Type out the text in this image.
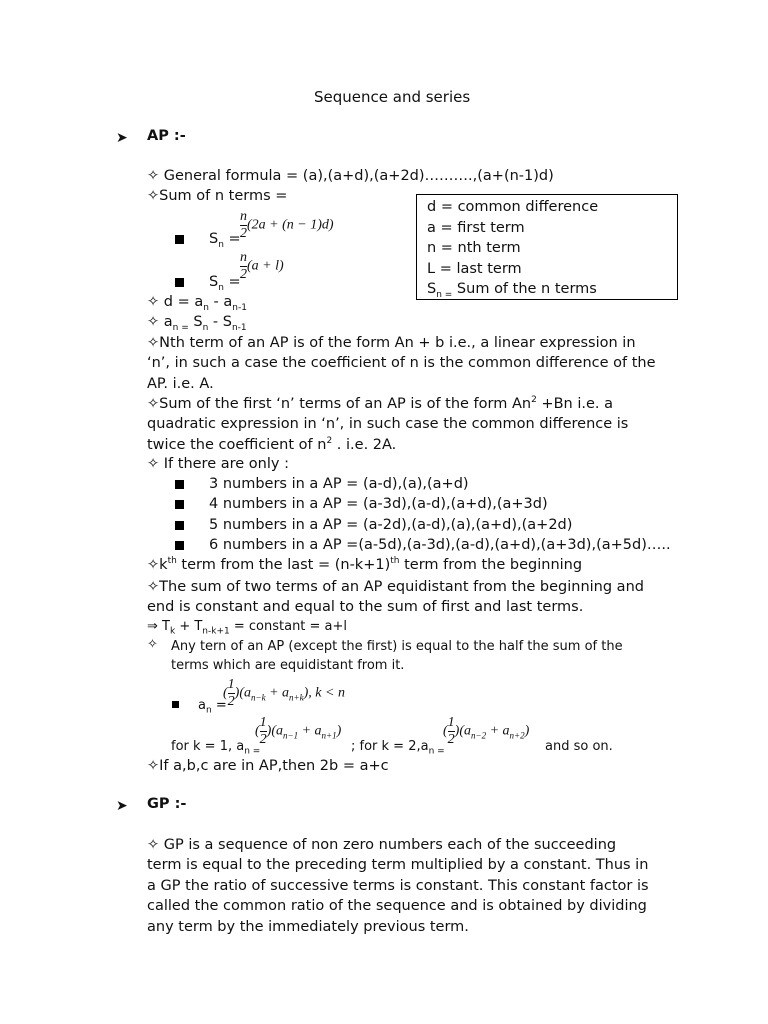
Sequence and series
➤ AP :-
✧ General formula = (a),(a+d),(a+2d)……….,(a+(n-1)d)
✧Sum of n terms =
d = common difference
a = first term
n = nth term
L = last term
$S_{n =}$ Sum of the n terms
$S_n = \frac{n}{2} (2a + (n - 1)d)$
$S_n = \frac{n}{2} (a + l)$
✧ $d = a_n - a_{n-1}$
✧ $a_{n =}$ $S_n - S_{n-1}$
✧Nth term of an AP is of the form An + b i.e., a linear expression in ‘n’, in such a case the coefficient of n is the common difference of the AP. i.e. A.
✧Sum of the first ‘n’ terms of an AP is of the form $An^2 +Bn$ i.e. a quadratic expression in ‘n’, in such case the common difference is twice the coefficient of $n^2$ . i.e. 2A.
✧ If there are only :
3 numbers in a AP = (a-d),(a),(a+d)
4 numbers in a AP = (a-3d),(a-d),(a+d),(a+3d)
5 numbers in a AP = (a-2d),(a-d),(a),(a+d),(a+2d)
6 numbers in a AP =(a-5d),(a-3d),(a-d),(a+d),(a+3d),(a+5d)…..
$✧k^{th}$ term from the last = $(n-k+1)^{th}$ term from the beginning
✧The sum of two terms of an AP equidistant from the beginning and end is constant and equal to the sum of first and last terms.
⇒ $T_k + T_{n-k+1}$ = constant = a+l
✧ Any tern of an AP (except the first) is equal to the half the sum of the terms which are equidistant from it.
$a_n$ =
( $\frac{1}{2} )(a_{n-k} + a_{n+k})$, k < n
for k = 1, $a_{n =}$
( $\frac{1}{2} )(a_{n-1} + a_{n+1})$
; for $k = 2,a_{n =}$
( $\frac{1}{2} )(a_{n-2} + a_{n+2})$
and so on.
✧If a,b,c are in AP,then 2b = a+c
➤ GP :-
✧ GP is a sequence of non zero numbers each of the succeeding term is equal to the preceding term multiplied by a constant. Thus in a GP the ratio of successive terms is constant. This constant factor is called the common ratio of the sequence and is obtained by dividing any term by the immediately previous term.
